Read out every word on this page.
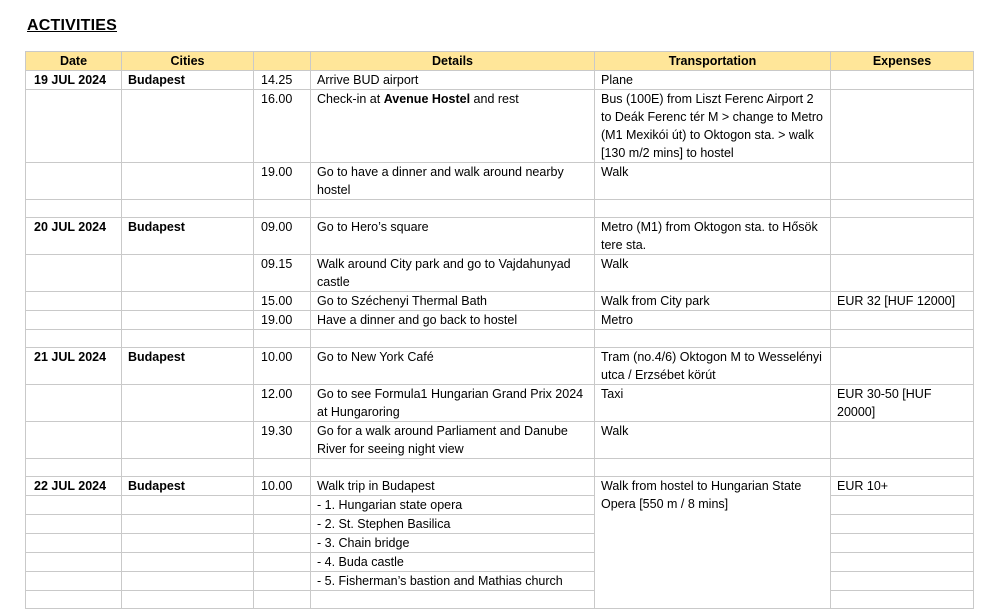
ACTIVITIES
Date	Cities		Details	Transportation	Expenses
19 JUL 2024	Budapest	14.25	Arrive BUD airport	Plane	
		16.00	Check-in at Avenue Hostel and rest	Bus (100E) from Liszt Ferenc Airport 2 to Deák Ferenc tér M > change to Metro (M1 Mexikói út) to Oktogon sta. > walk [130 m/2 mins] to hostel	
		19.00	Go to have a dinner and walk around nearby hostel	Walk	

20 JUL 2024	Budapest	09.00	Go to Hero’s square	Metro (M1) from Oktogon sta. to Hősök tere sta.	
		09.15	Walk around City park and go to Vajdahunyad castle	Walk	
		15.00	Go to Széchenyi Thermal Bath	Walk from City park	EUR 32 [HUF 12000]
		19.00	Have a dinner and go back to hostel	Metro	

21 JUL 2024	Budapest	10.00	Go to New York Café	Tram (no.4/6) Oktogon M to Wesselényi utca / Erzsébet körút	
		12.00	Go to see Formula1 Hungarian Grand Prix 2024 at Hungaroring	Taxi	EUR 30-50 [HUF 20000]
		19.30	Go for a walk around Parliament and Danube River for seeing night view	Walk	

22 JUL 2024	Budapest	10.00	Walk trip in Budapest	Walk from hostel to Hungarian State Opera [550 m / 8 mins]	EUR 10+
			- 1. Hungarian state opera		
			- 2. St. Stephen Basilica		
			- 3. Chain bridge		
			- 4. Buda castle		
			- 5. Fisherman’s bastion and Mathias church		
